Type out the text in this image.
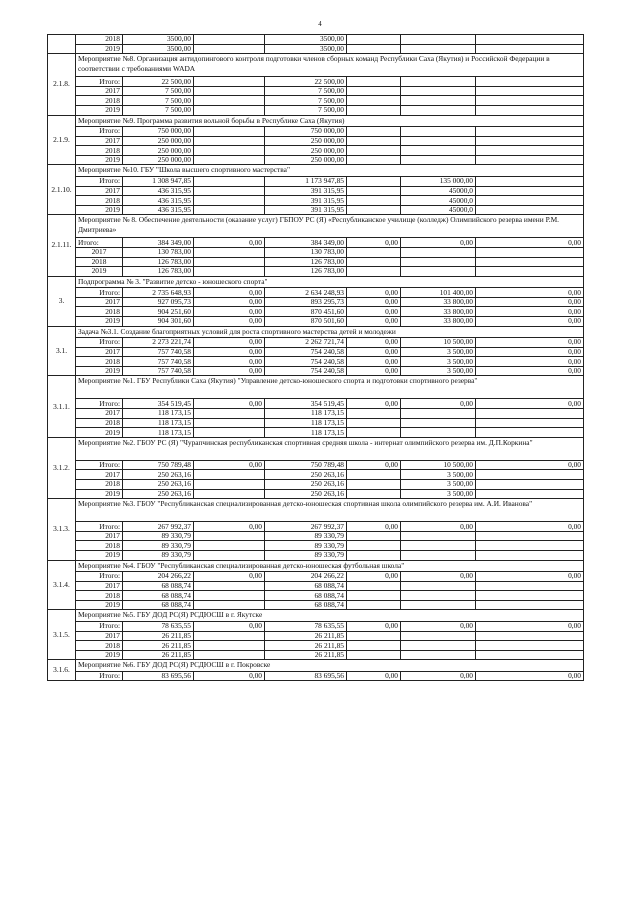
4
	2018	3500,00		3500,00			
	2019	3500,00		3500,00			
2.1.8.	Мероприятие №8. Организация антидопингового контроля подготовки членов сборных команд Республики Саха (Якутия) и Российской Федерации в соответствии с требованиями WADA						
	Итого:	22 500,00		22 500,00			
	2017	7 500,00		7 500,00			
	2018	7 500,00		7 500,00			
	2019	7 500,00		7 500,00			
2.1.9.	Мероприятие №9. Программа развития вольной борьбы в Республике Саха (Якутия)						
	Итого:	750 000,00		750 000,00			
	2017	250 000,00		250 000,00			
	2018	250 000,00		250 000,00			
	2019	250 000,00		250 000,00			
2.1.10.	Мероприятие №10. ГБУ "Школа высшего спортивного мастерства"						
	Итого:	1 308 947,85		1 173 947,85		135 000,00	
	2017	436 315,95		391 315,95		45000,0	
	2018	436 315,95		391 315,95		45000,0	
	2019	436 315,95		391 315,95		45000,0	
2.1.11.	Мероприятие № 8. Обеспечение деятельности (оказание услуг) ГБПОУ РС (Я) «Республиканское училище (колледж) Олимпийского резерва имени Р.М. Дмитриева»						
	Итого:	384 349,00	0,00	384 349,00	0,00	0,00	0,00
	2017	130 783,00		130 783,00			
	2018	126 783,00		126 783,00			
	2019	126 783,00		126 783,00			
3.	Подпрограмма № 3. "Развитие детско - юношеского спорта"						
	Итого:	2 735 648,93	0,00	2 634 248,93	0,00	101 400,00	0,00
	2017	927 095,73	0,00	893 295,73	0,00	33 800,00	0,00
	2018	904 251,60	0,00	870 451,60	0,00	33 800,00	0,00
	2019	904 301,60	0,00	870 501,60	0,00	33 800,00	0,00
3.1.	Задача №3.1. Создание благоприятных условий для роста спортивного мастерства детей и молодежи						
	Итого:	2 273 221,74	0,00	2 262 721,74	0,00	10 500,00	0,00
	2017	757 740,58	0,00	754 240,58	0,00	3 500,00	0,00
	2018	757 740,58	0,00	754 240,58	0,00	3 500,00	0,00
	2019	757 740,58	0,00	754 240,58	0,00	3 500,00	0,00
3.1.1.	Мероприятие №1. ГБУ Республики Саха (Якутия) "Управление детско-юношеского спорта и подготовки спортивного резерва"						
	Итого:	354 519,45	0,00	354 519,45	0,00	0,00	0,00
	2017	118 173,15		118 173,15			
	2018	118 173,15		118 173,15			
	2019	118 173,15		118 173,15			
3.1.2.	Мероприятие №2. ГБОУ РС (Я) "Чурапчинская республиканская спортивная средняя школа - интернат олимпийского резерва им. Д.П.Коркина"						
	Итого:	750 789,48	0,00	750 789,48	0,00	10 500,00	0,00
	2017	250 263,16		250 263,16		3 500,00	
	2018	250 263,16		250 263,16		3 500,00	
	2019	250 263,16		250 263,16		3 500,00	
3.1.3.	Мероприятие №3. ГБОУ "Республиканская специализированная детско-юношеская спортивная школа олимпийского резерва им. А.И. Иванова"						
	Итого:	267 992,37	0,00	267 992,37	0,00	0,00	0,00
	2017	89 330,79		89 330,79			
	2018	89 330,79		89 330,79			
	2019	89 330,79		89 330,79			
3.1.4.	Мероприятие №4. ГБОУ "Республиканская специализированная детско-юношеская футбольная школа"						
	Итого:	204 266,22	0,00	204 266,22	0,00	0,00	0,00
	2017	68 088,74		68 088,74			
	2018	68 088,74		68 088,74			
	2019	68 088,74		68 088,74			
3.1.5.	Мероприятие №5. ГБУ ДОД РС(Я) РСДЮСШ в г. Якутске						
	Итого:	78 635,55	0,00	78 635,55	0,00	0,00	0,00
	2017	26 211,85		26 211,85			
	2018	26 211,85		26 211,85			
	2019	26 211,85		26 211,85			
3.1.6.	Мероприятие №6. ГБУ ДОД РС(Я) РСДЮСШ в г. Покровске						
	Итого:	83 695,56	0,00	83 695,56	0,00	0,00	0,00
